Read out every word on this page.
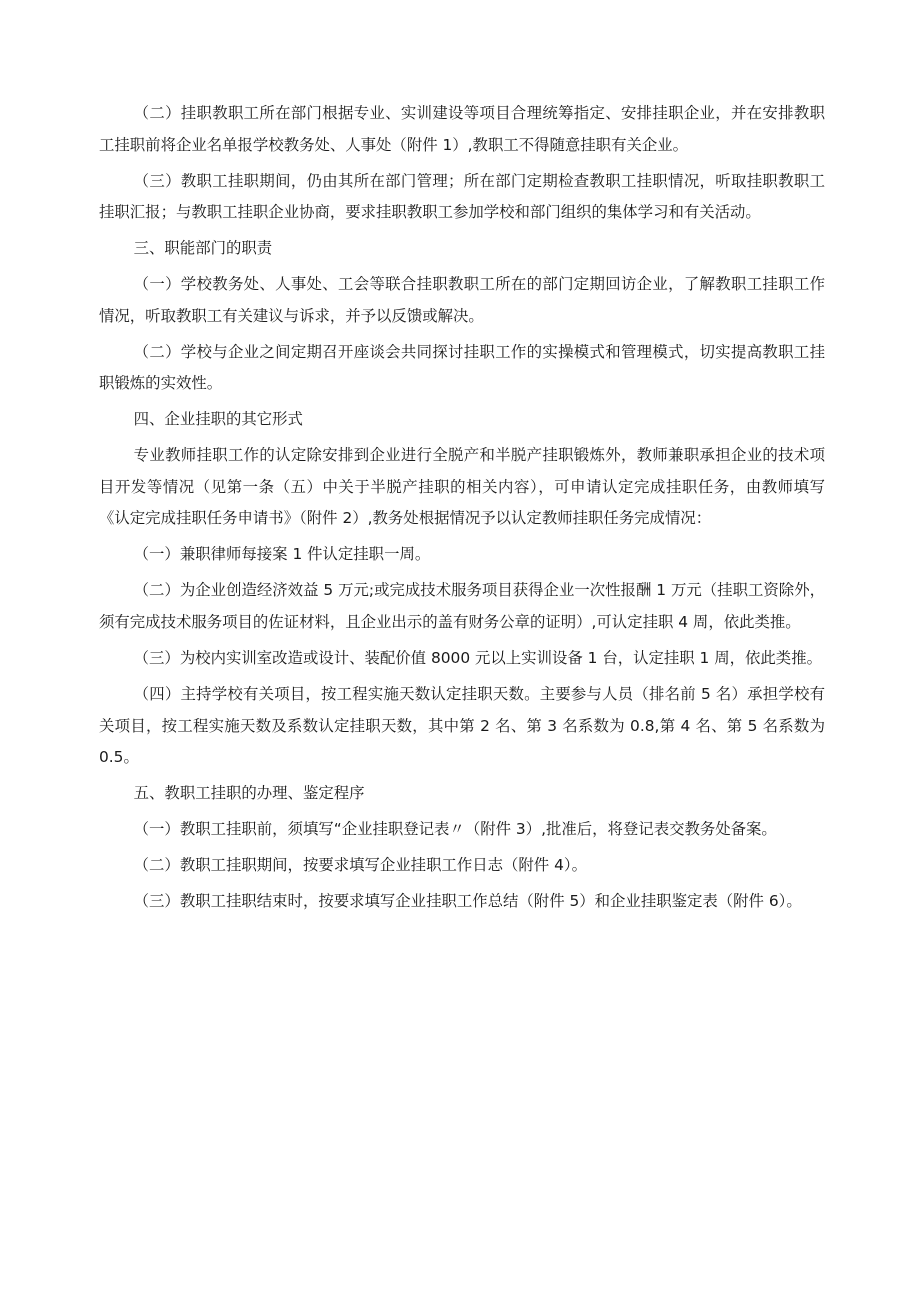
（二）挂职教职工所在部门根据专业、实训建设等项目合理统筹指定、安排挂职企业，并在安排教职工挂职前将企业名单报学校教务处、人事处（附件 1）,教职工不得随意挂职有关企业。

（三）教职工挂职期间，仍由其所在部门管理；所在部门定期检查教职工挂职情况，听取挂职教职工挂职汇报；与教职工挂职企业协商，要求挂职教职工参加学校和部门组织的集体学习和有关活动。

三、职能部门的职责

（一）学校教务处、人事处、工会等联合挂职教职工所在的部门定期回访企业，了解教职工挂职工作情况，听取教职工有关建议与诉求，并予以反馈或解决。

（二）学校与企业之间定期召开座谈会共同探讨挂职工作的实操模式和管理模式，切实提高教职工挂职锻炼的实效性。

四、企业挂职的其它形式

专业教师挂职工作的认定除安排到企业进行全脱产和半脱产挂职锻炼外，教师兼职承担企业的技术项目开发等情况（见第一条（五）中关于半脱产挂职的相关内容），可申请认定完成挂职任务，由教师填写《认定完成挂职任务申请书》（附件 2）,教务处根据情况予以认定教师挂职任务完成情况：

（一）兼职律师每接案 1 件认定挂职一周。

（二）为企业创造经济效益 5 万元;或完成技术服务项目获得企业一次性报酬 1 万元（挂职工资除外，须有完成技术服务项目的佐证材料，且企业出示的盖有财务公章的证明）,可认定挂职 4 周，依此类推。

（三）为校内实训室改造或设计、装配价值 8000 元以上实训设备 1 台，认定挂职 1 周，依此类推。

（四）主持学校有关项目，按工程实施天数认定挂职天数。主要参与人员（排名前 5 名）承担学校有关项目，按工程实施天数及系数认定挂职天数，其中第 2 名、第 3 名系数为 0.8,第 4 名、第 5 名系数为 0.5。

五、教职工挂职的办理、鉴定程序

（一）教职工挂职前，须填写“企业挂职登记表〃（附件 3）,批准后，将登记表交教务处备案。

（二）教职工挂职期间，按要求填写企业挂职工作日志（附件 4）。

（三）教职工挂职结束时，按要求填写企业挂职工作总结（附件 5）和企业挂职鉴定表（附件 6）。
